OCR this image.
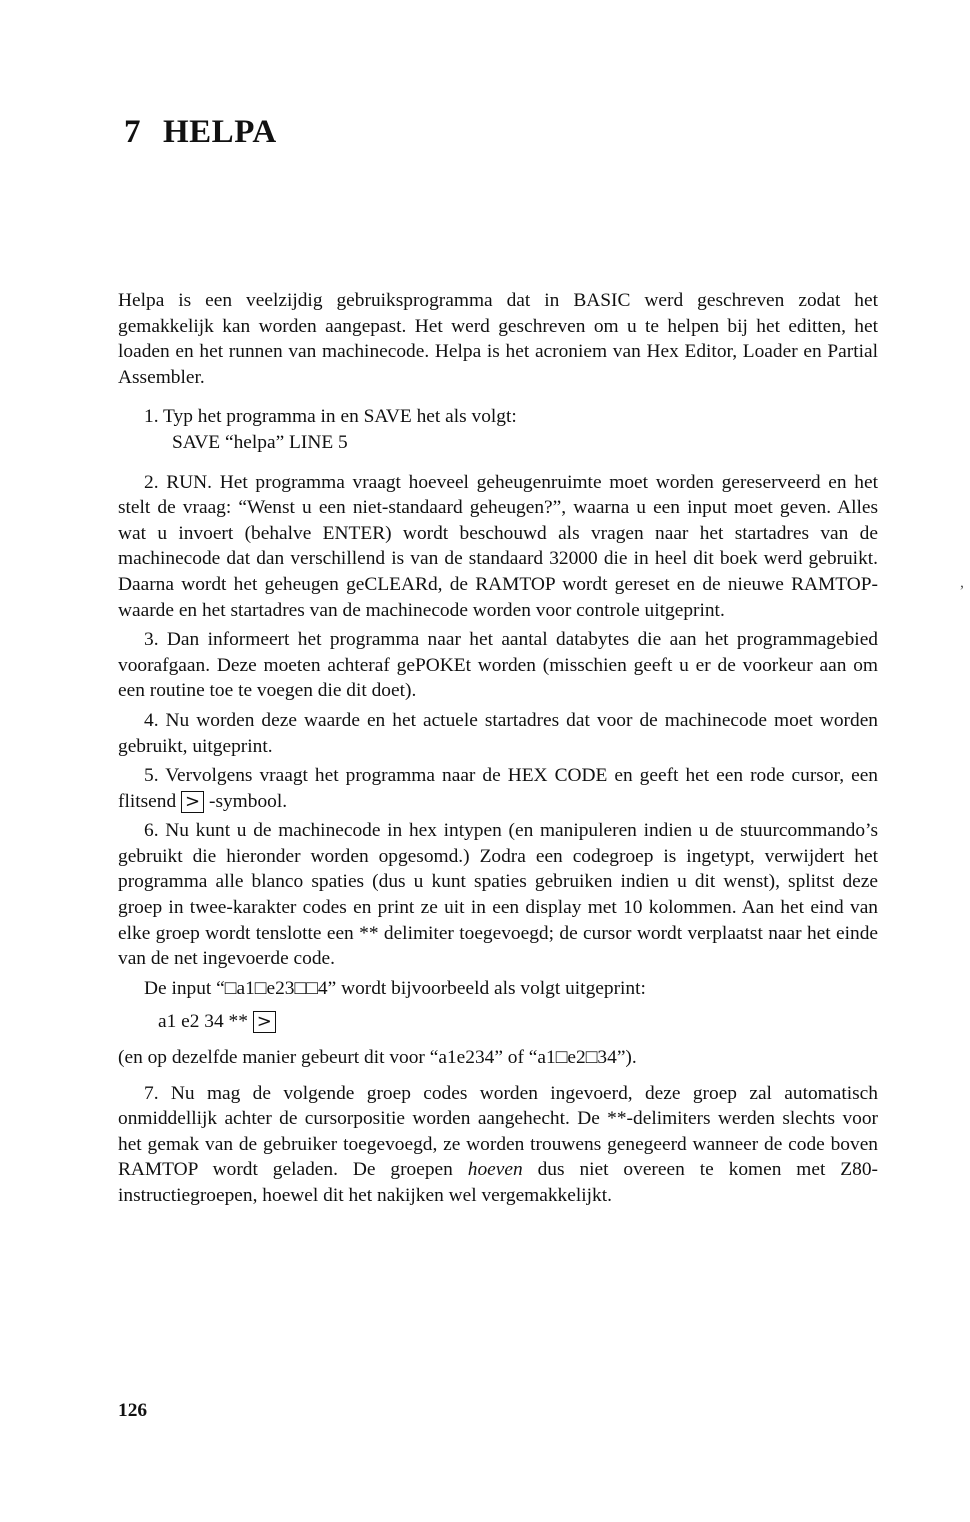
7 HELPA

Helpa is een veelzijdig gebruiksprogramma dat in BASIC werd geschreven zodat het gemakkelijk kan worden aangepast. Het werd geschreven om u te helpen bij het editten, het loaden en het runnen van machinecode. Helpa is het acroniem van Hex Editor, Loader en Partial Assembler.

1. Typ het programma in en SAVE het als volgt:
SAVE “helpa” LINE 5

2. RUN. Het programma vraagt hoeveel geheugenruimte moet worden gereserveerd en het stelt de vraag: “Wenst u een niet-standaard geheugen?”, waarna u een input moet geven. Alles wat u invoert (behalve ENTER) wordt beschouwd als vragen naar het startadres van de machinecode dat dan verschillend is van de standaard 32000 die in heel dit boek werd gebruikt. Daarna wordt het geheugen geCLEARd, de RAMTOP wordt gereset en de nieuwe RAMTOP-waarde en het startadres van de machinecode worden voor controle uitgeprint.

3. Dan informeert het programma naar het aantal databytes die aan het programmagebied voorafgaan. Deze moeten achteraf gePOKEt worden (misschien geeft u er de voorkeur aan om een routine toe te voegen die dit doet).

4. Nu worden deze waarde en het actuele startadres dat voor de machinecode moet worden gebruikt, uitgeprint.

5. Vervolgens vraagt het programma naar de HEX CODE en geeft het een rode cursor, een flitsend > -symbool.

6. Nu kunt u de machinecode in hex intypen (en manipuleren indien u de stuurcommando’s gebruikt die hieronder worden opgesomd.) Zodra een codegroep is ingetypt, verwijdert het programma alle blanco spaties (dus u kunt spaties gebruiken indien u dit wenst), splitst deze groep in twee-karakter codes en print ze uit in een display met 10 kolommen. Aan het eind van elke groep wordt tenslotte een ** delimiter toegevoegd; de cursor wordt verplaatst naar het einde van de net ingevoerde code.

De input “□a1□e23□□4” wordt bijvoorbeeld als volgt uitgeprint:

a1 e2 34 ** >

(en op dezelfde manier gebeurt dit voor “a1e234” of “a1□e2□34”).

7. Nu mag de volgende groep codes worden ingevoerd, deze groep zal automatisch onmiddellijk achter de cursorpositie worden aangehecht. De **-delimiters werden slechts voor het gemak van de gebruiker toegevoegd, ze worden trouwens genegeerd wanneer de code boven RAMTOP wordt geladen. De groepen hoeven dus niet overeen te komen met Z80-instructiegroepen, hoewel dit het nakijken wel vergemakkelijkt.

126
,
